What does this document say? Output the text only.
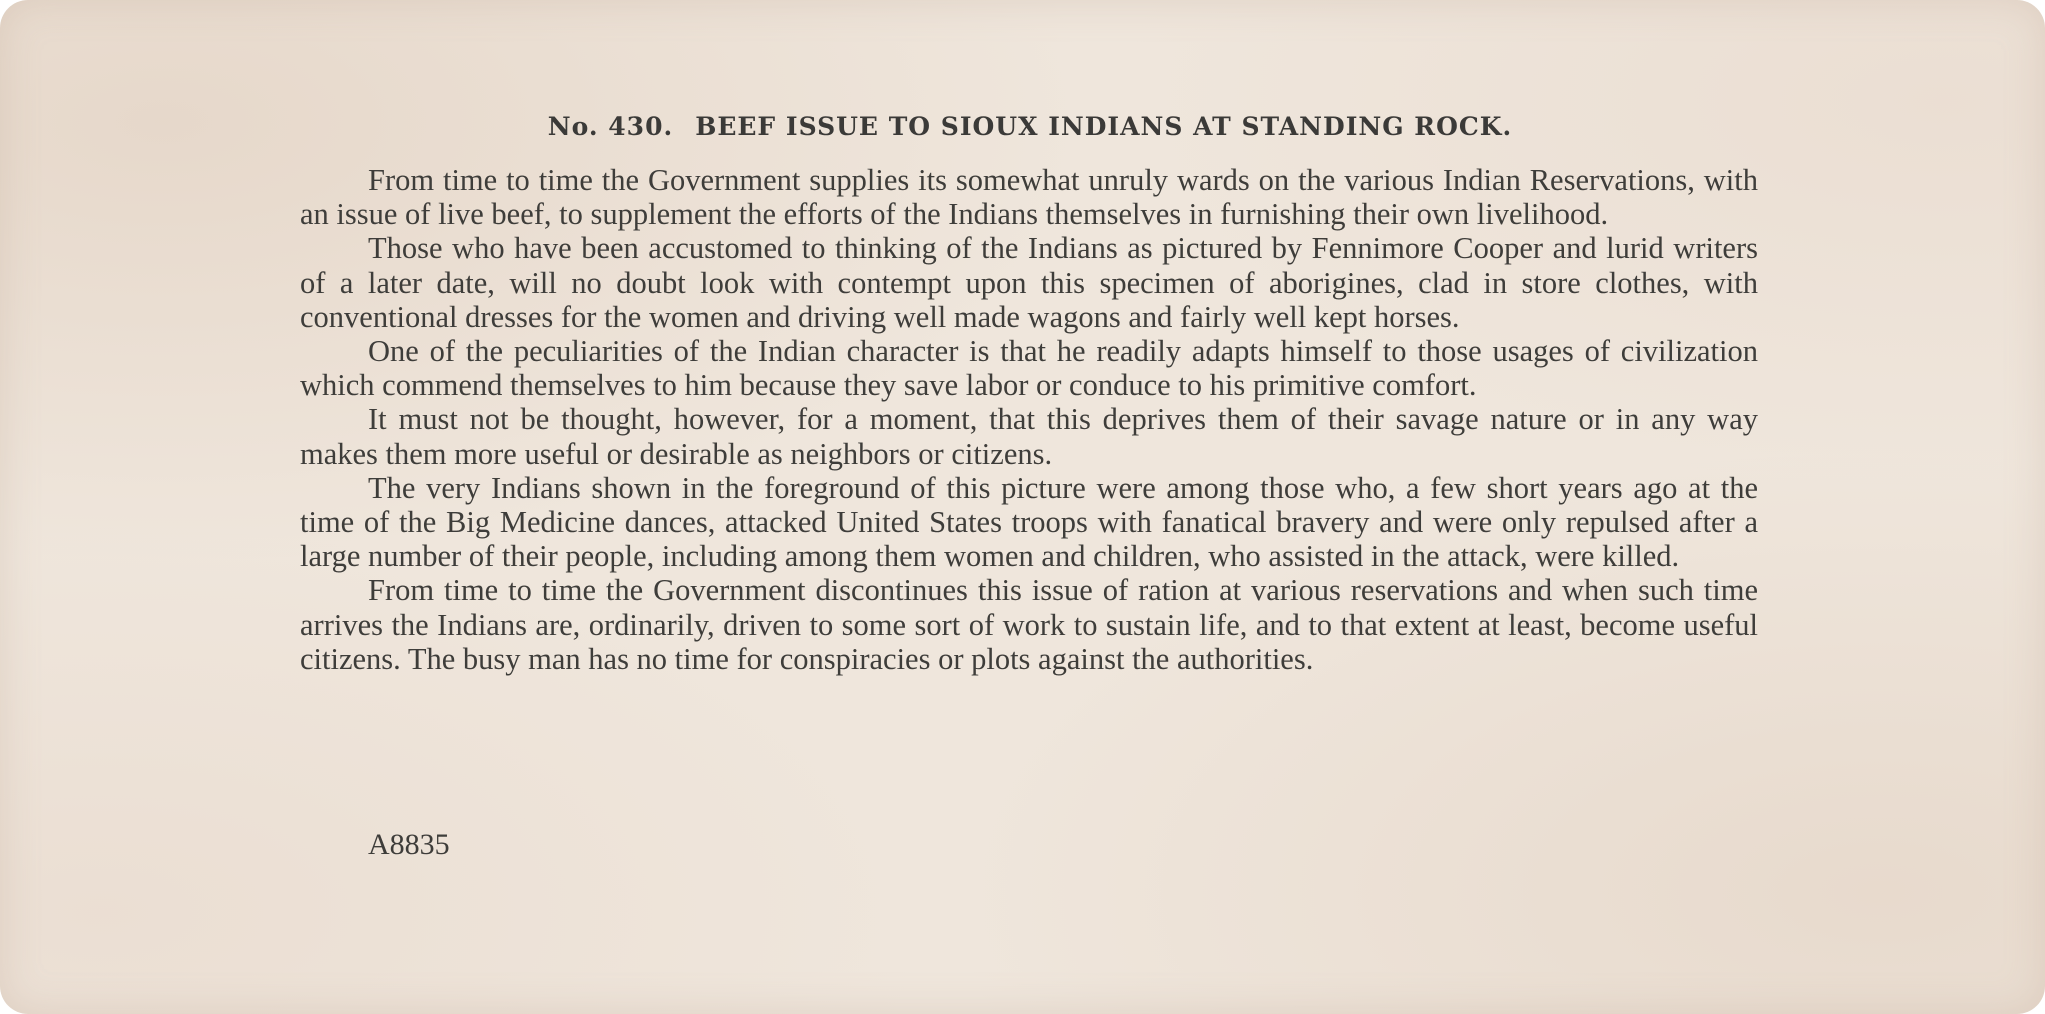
No. 430. BEEF ISSUE TO SIOUX INDIANS AT STANDING ROCK.

From time to time the Government supplies its somewhat unruly wards on the various Indian Reservations, with an issue of live beef, to supplement the efforts of the Indians themselves in furnishing their own livelihood.

Those who have been accustomed to thinking of the Indians as pictured by Fennimore Cooper and lurid writers of a later date, will no doubt look with contempt upon this specimen of aborigines, clad in store clothes, with conventional dresses for the women and driving well made wagons and fairly well kept horses.

One of the peculiarities of the Indian character is that he readily adapts himself to those usages of civilization which commend themselves to him because they save labor or conduce to his primitive comfort.

It must not be thought, however, for a moment, that this deprives them of their savage nature or in any way makes them more useful or desirable as neighbors or citizens.

The very Indians shown in the foreground of this picture were among those who, a few short years ago at the time of the Big Medicine dances, attacked United States troops with fanatical bravery and were only repulsed after a large number of their people, including among them women and children, who assisted in the attack, were killed.

From time to time the Government discontinues this issue of ration at various reservations and when such time arrives the Indians are, ordinarily, driven to some sort of work to sustain life, and to that extent at least, become useful citizens. The busy man has no time for conspiracies or plots against the authorities.

A8835
